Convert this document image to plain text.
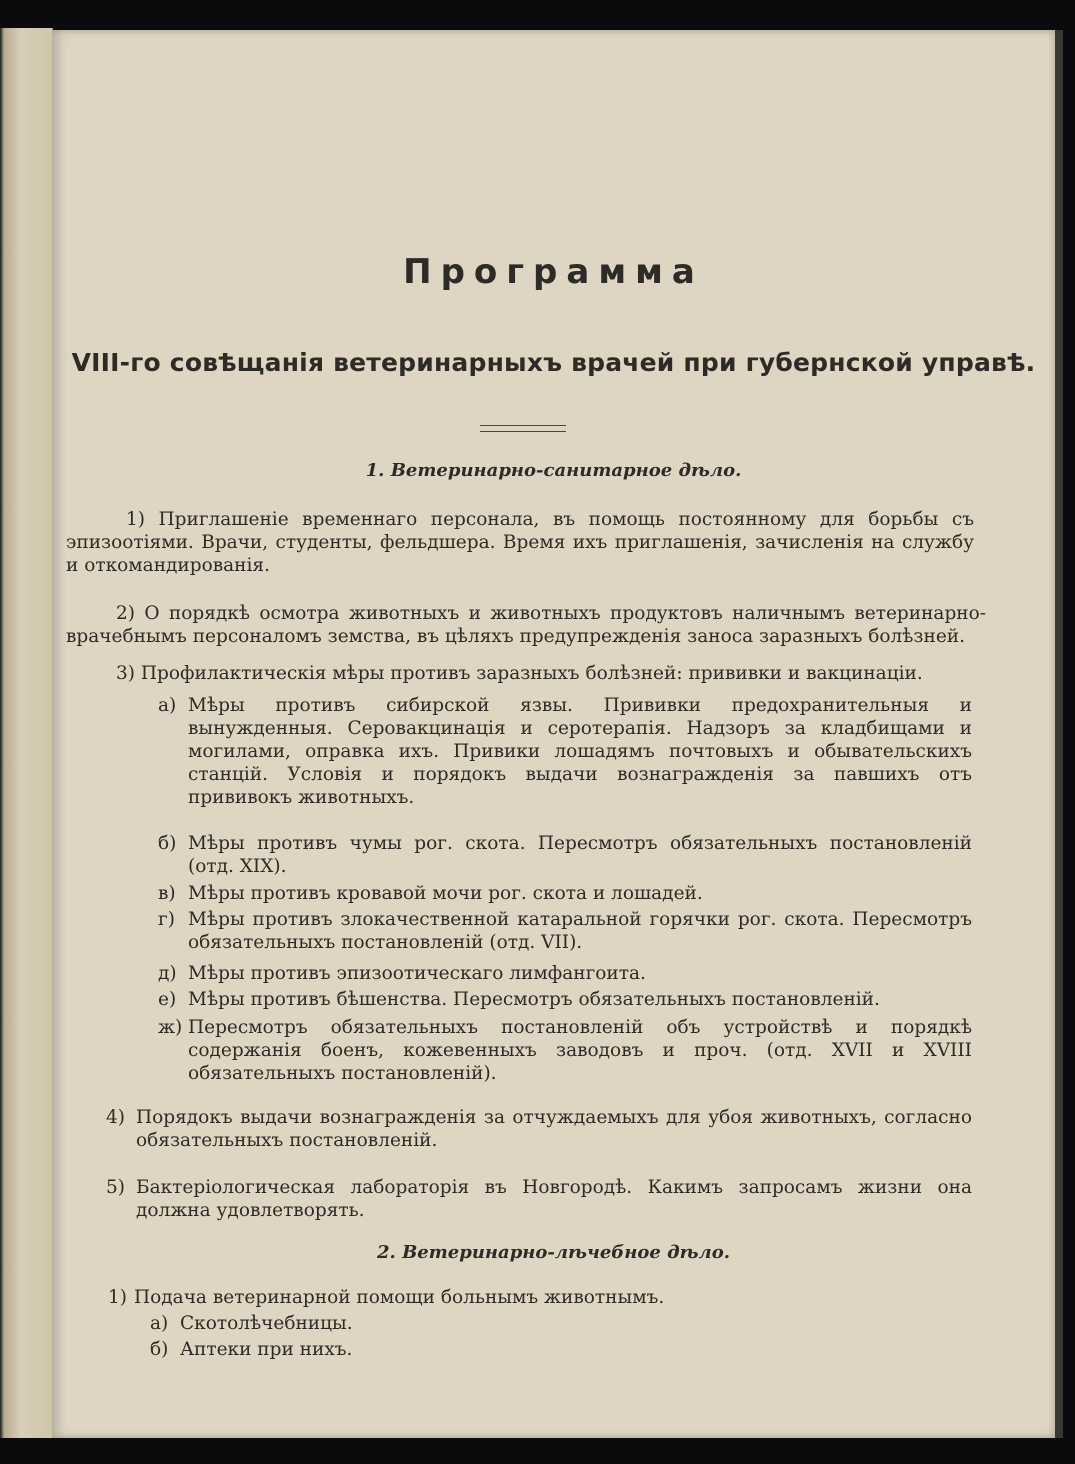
Программа
VIII-го совѣщанія ветеринарныхъ врачей при губернской управѣ.
1. Ветеринарно-санитарное дѣло.
1) Приглашеніе временнаго персонала, въ помощь постоянному для борьбы съ эпизоотіями. Врачи, студенты, фельдшера. Время ихъ приглашенія, зачисленія на службу и откомандированія.
2) О порядкѣ осмотра животныхъ и животныхъ продуктовъ наличнымъ ветеринарно-врачебнымъ персоналомъ земства, въ цѣляхъ предупрежденія заноса заразныхъ болѣзней.
3) Профилактическія мѣры противъ заразныхъ болѣзней: прививки и вакцинаціи.
а) Мѣры противъ сибирской язвы. Прививки предохранительныя и вынужденныя. Серовакцинація и серотерапія. Надзоръ за кладбищами и могилами, оправка ихъ. Привики лошадямъ почтовыхъ и обывательскихъ станцій. Условія и порядокъ выдачи вознагражденія за павшихъ отъ прививокъ животныхъ.
б) Мѣры противъ чумы рог. скота. Пересмотръ обязательныхъ постановленій (отд. XIX).
в) Мѣры противъ кровавой мочи рог. скота и лошадей.
г) Мѣры противъ злокачественной катаральной горячки рог. скота. Пересмотръ обязательныхъ постановленій (отд. VII).
д) Мѣры противъ эпизоотическаго лимфангоита.
е) Мѣры противъ бѣшенства. Пересмотръ обязательныхъ постановленій.
ж) Пересмотръ обязательныхъ постановленій объ устройствѣ и порядкѣ содержанія боенъ, кожевенныхъ заводовъ и проч. (отд. XVII и XVIII обязательныхъ постановленій).
4) Порядокъ выдачи вознагражденія за отчуждаемыхъ для убоя животныхъ, согласно обязательныхъ постановленій.
5) Бактеріологическая лабораторія въ Новгородѣ. Какимъ запросамъ жизни она должна удовлетворять.
2. Ветеринарно-лѣчебное дѣло.
1) Подача ветеринарной помощи больнымъ животнымъ.
а) Скотолѣчебницы.
б) Аптеки при нихъ.
